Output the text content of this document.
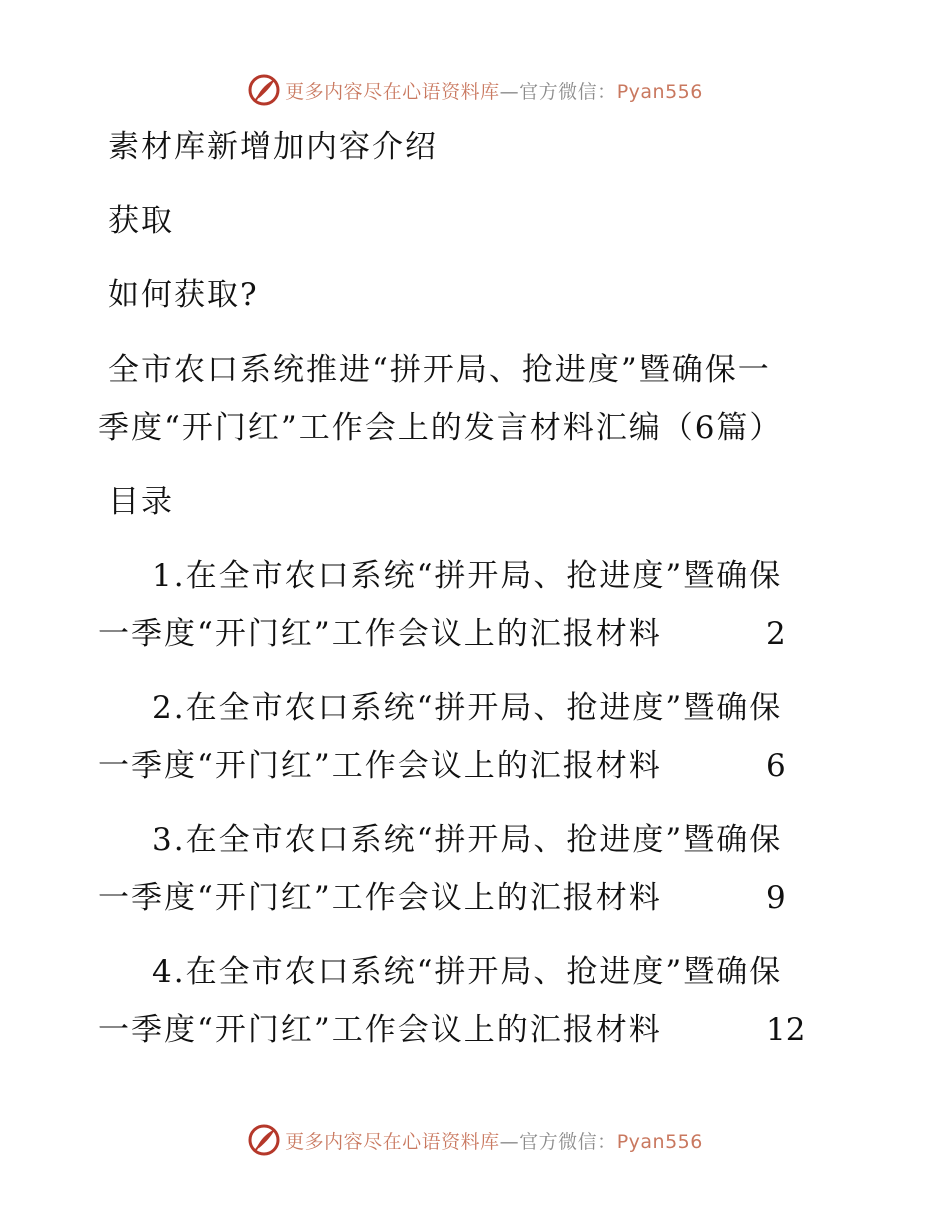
更多内容尽在心语资料库—官方微信：Pyan556
素材库新增加内容介绍
获取
如何获取?
全市农口系统推进“拼开局、抢进度”暨确保一
季度“开门红”工作会上的发言材料汇编（6篇）
目录
1.在全市农口系统“拼开局、抢进度”暨确保
一季度“开门红”工作会议上的汇报材料	2
2.在全市农口系统“拼开局、抢进度”暨确保
一季度“开门红”工作会议上的汇报材料	6
3.在全市农口系统“拼开局、抢进度”暨确保
一季度“开门红”工作会议上的汇报材料	9
4.在全市农口系统“拼开局、抢进度”暨确保
一季度“开门红”工作会议上的汇报材料	12
更多内容尽在心语资料库—官方微信：Pyan556
